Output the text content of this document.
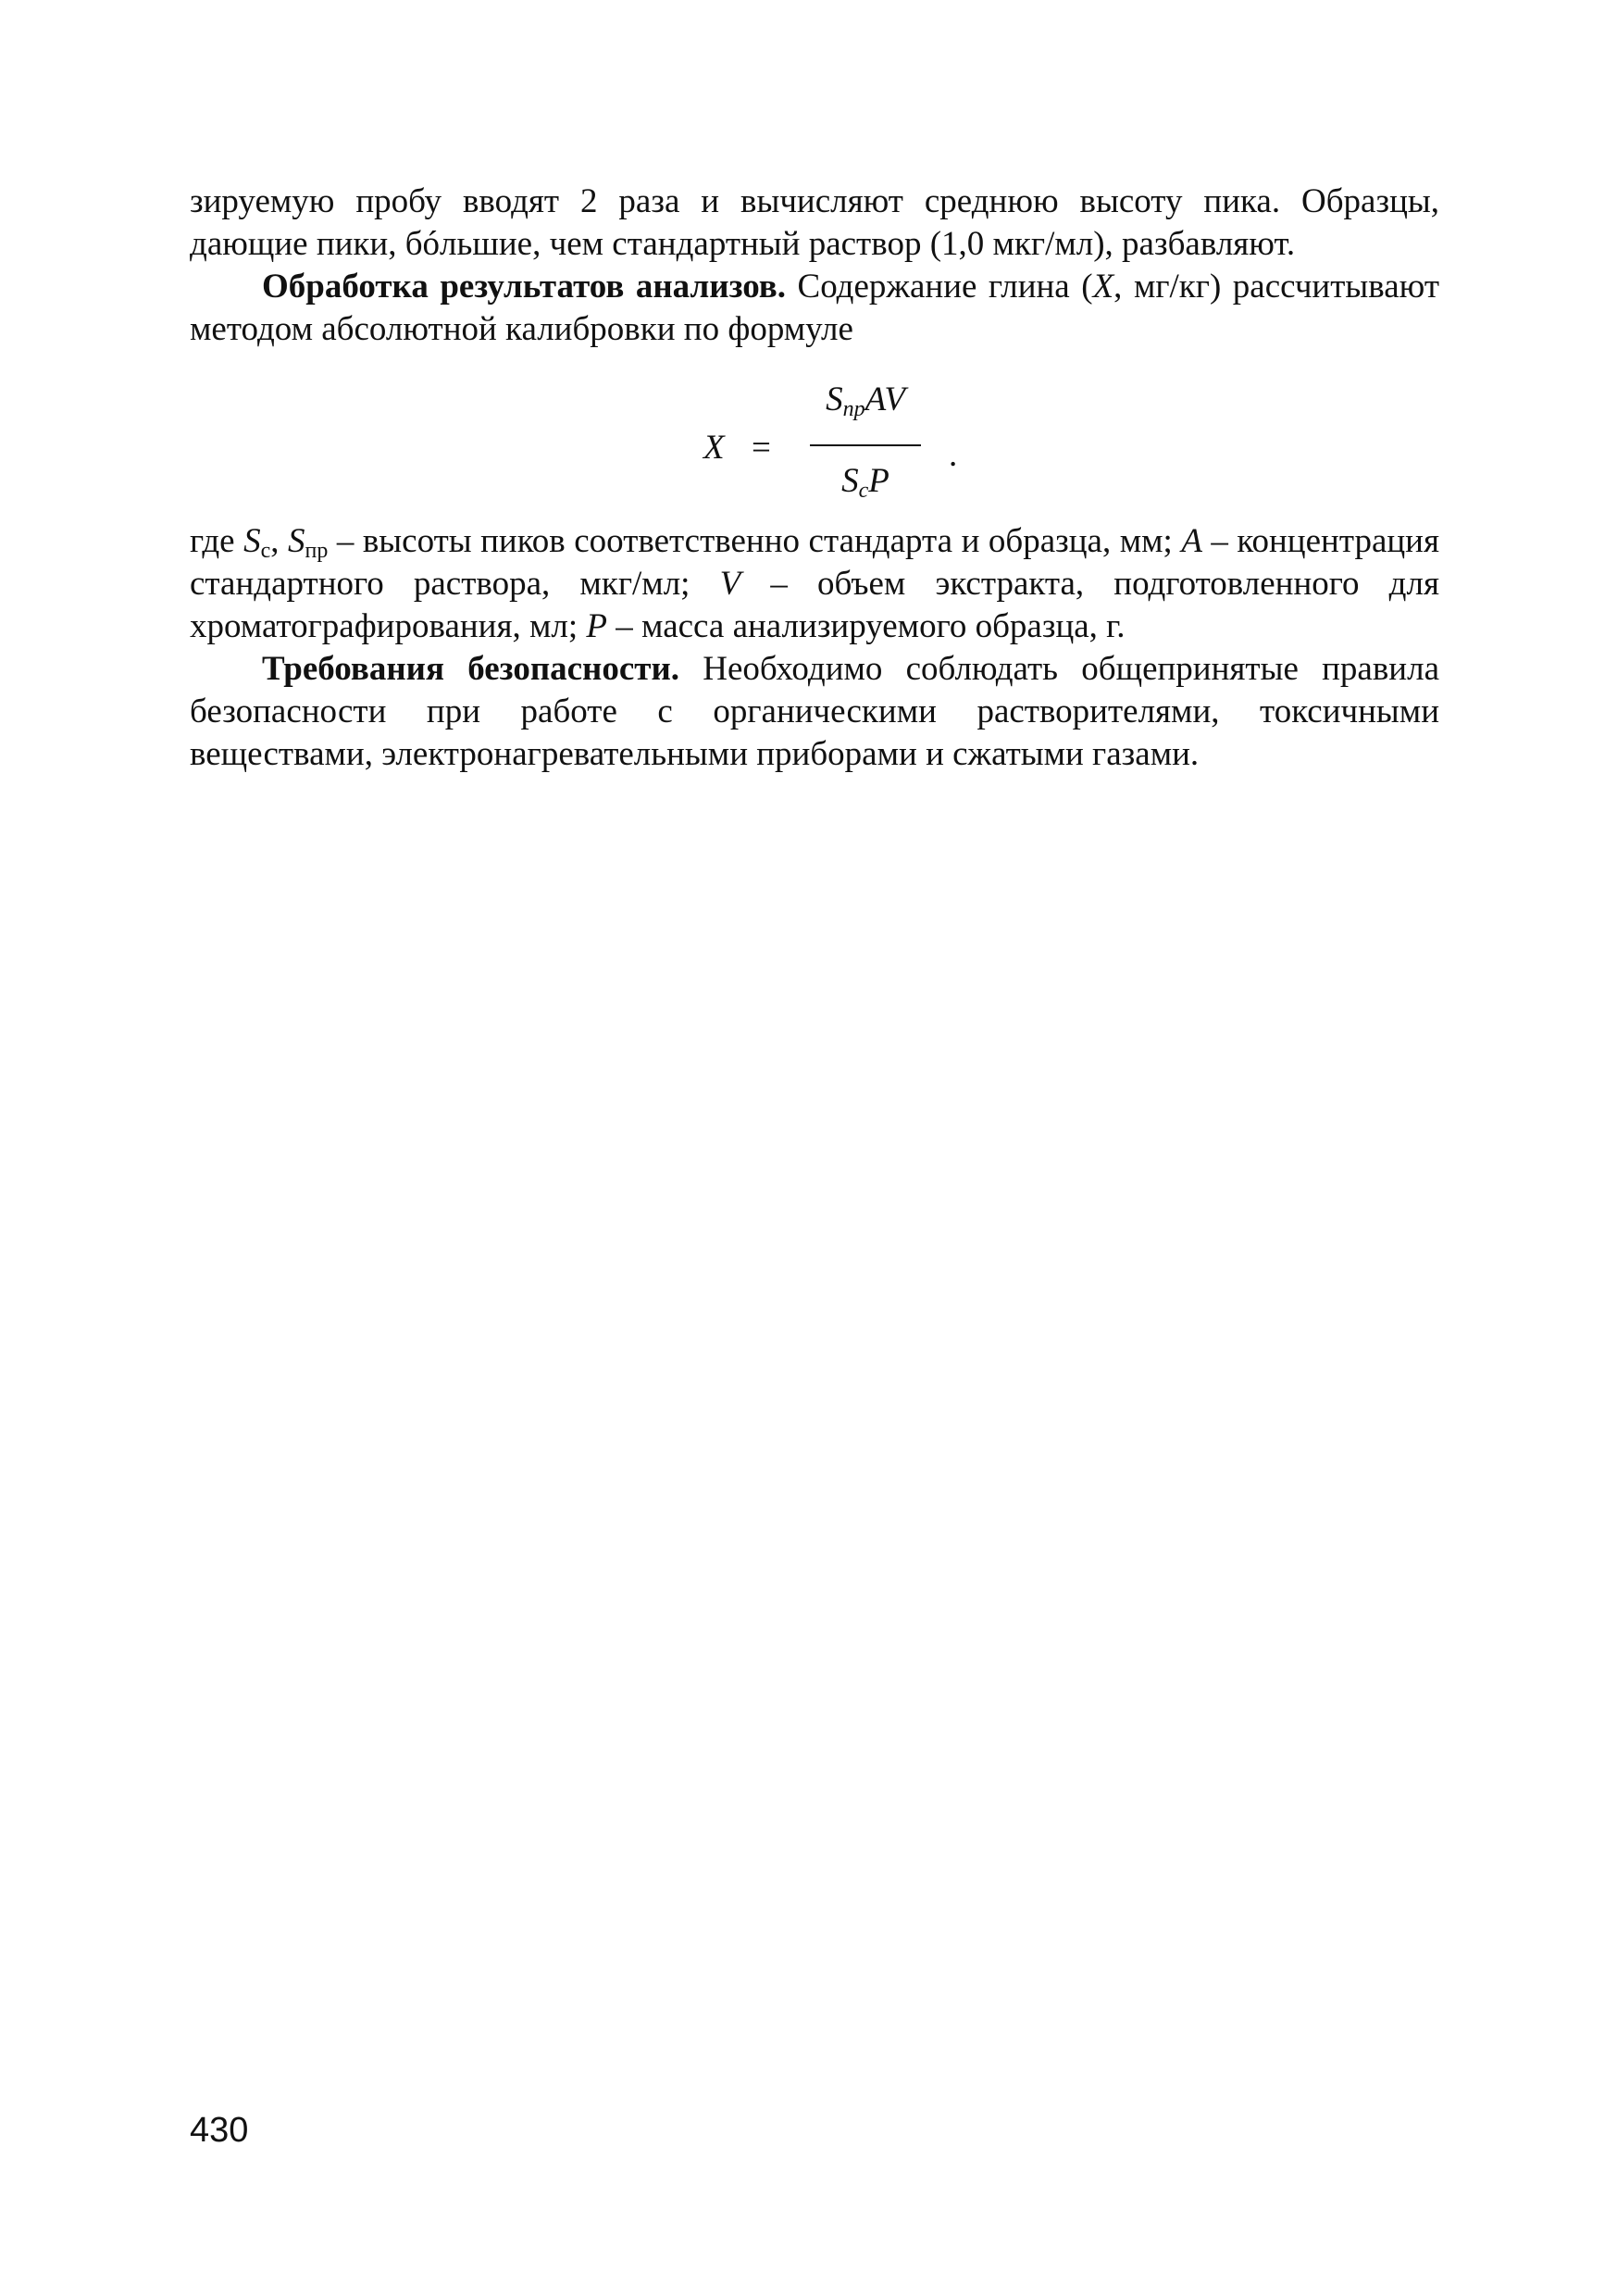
зируемую пробу вводят 2 раза и вычисляют среднюю высоту пика. Образцы, дающие пики, бóльшие, чем стандартный раствор (1,0 мкг/мл), разбавляют.

Обработка результатов анализов. Содержание глина (X, мг/кг) рассчитывают методом абсолютной калибровки по формуле

X =
$S_{пр}AV$
$S_cP$
.

где $S_с$, $S_{пр}$ – высоты пиков соответственно стандарта и образца, мм; A – концентрация стандартного раствора, мкг/мл; V – объем экстракта, подготовленного для хроматографирования, мл; P – масса анализируемого образца, г.

Требования безопасности. Необходимо соблюдать общепринятые правила безопасности при работе с органическими растворителями, токсичными веществами, электронагревательными приборами и сжатыми газами.

430
